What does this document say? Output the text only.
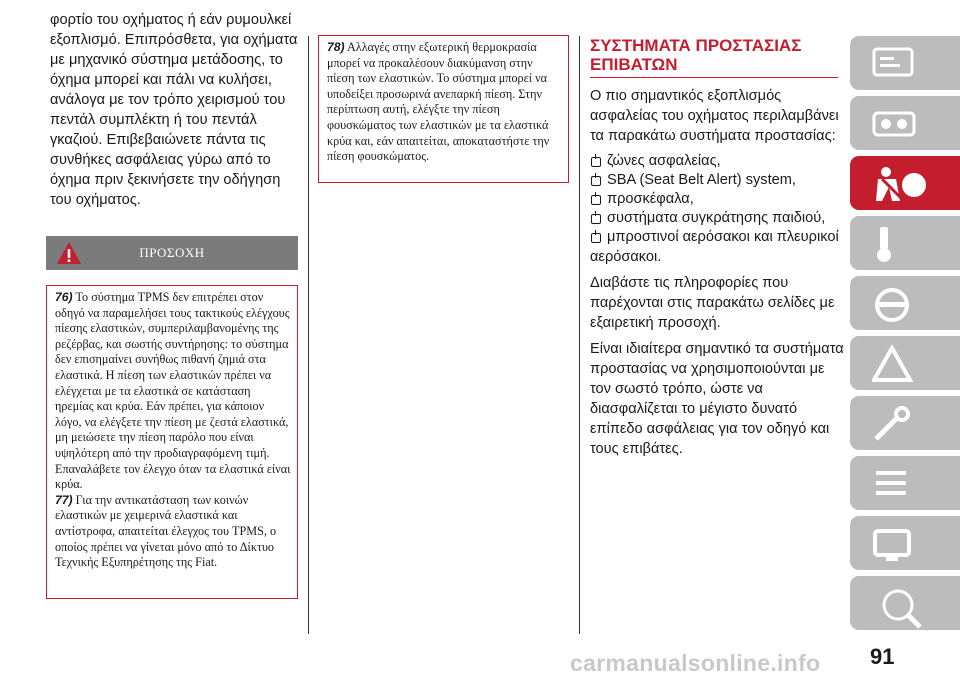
φορτίο του οχήματος ή εάν ρυμουλκεί εξοπλισμό. Επιπρόσθετα, για οχήματα με μηχανικό σύστημα μετάδοσης, το όχημα μπορεί και πάλι να κυλήσει, ανάλογα με τον τρόπο χειρισμού του πεντάλ συμπλέκτη ή του πεντάλ γκαζιού. Επιβεβαιώνετε πάντα τις συνθήκες ασφάλειας γύρω από το όχημα πριν ξεκινήσετε την οδήγηση του οχήματος.

ΠΡΟΣΟΧΗ

76) Το σύστημα TPMS δεν επιτρέπει στον οδηγό να παραμελήσει τους τακτικούς ελέγχους πίεσης ελαστικών, συμπεριλαμβανομένης της ρεζέρβας, και σωστής συντήρησης: το σύστημα δεν επισημαίνει συνήθως πιθανή ζημιά στα ελαστικά. Η πίεση των ελαστικών πρέπει να ελέγχεται με τα ελαστικά σε κατάσταση ηρεμίας και κρύα. Εάν πρέπει, για κάποιον λόγο, να ελέγξετε την πίεση με ζεστά ελαστικά, μη μειώσετε την πίεση παρόλο που είναι υψηλότερη από την προδιαγραφόμενη τιμή. Επαναλάβετε τον έλεγχο όταν τα ελαστικά είναι κρύα.

77) Για την αντικατάσταση των κοινών ελαστικών με χειμερινά ελαστικά και αντίστροφα, απαιτείται έλεγχος του TPMS, ο οποίος πρέπει να γίνεται μόνο από το Δίκτυο Τεχνικής Εξυπηρέτησης της Fiat.

78) Αλλαγές στην εξωτερική θερμοκρασία μπορεί να προκαλέσουν διακύμανση στην πίεση των ελαστικών. Το σύστημα μπορεί να υποδείξει προσωρινά ανεπαρκή πίεση. Στην περίπτωση αυτή, ελέγξτε την πίεση φουσκώματος των ελαστικών με τα ελαστικά κρύα και, εάν απαιτείται, αποκαταστήστε την πίεση φουσκώματος.

ΣΥΣΤΗΜΑΤΑ ΠΡΟΣΤΑΣΙΑΣ
ΕΠΙΒΑΤΩΝ

Ο πιο σημαντικός εξοπλισμός ασφαλείας του οχήματος περιλαμβάνει τα παρακάτω συστήματα προστασίας:

ζώνες ασφαλείας,
SBA (Seat Belt Alert) system,
προσκέφαλα,
συστήματα συγκράτησης παιδιού,
μπροστινοί αερόσακοι και πλευρικοί

αερόσακοι.

Διαβάστε τις πληροφορίες που παρέχονται στις παρακάτω σελίδες με εξαιρετική προσοχή.

Είναι ιδιαίτερα σημαντικό τα συστήματα προστασίας να χρησιμοποιούνται με τον σωστό τρόπο, ώστε να διασφαλίζεται το μέγιστο δυνατό επίπεδο ασφάλειας για τον οδηγό και τους επιβάτες.

91
carmanualsonline.info
